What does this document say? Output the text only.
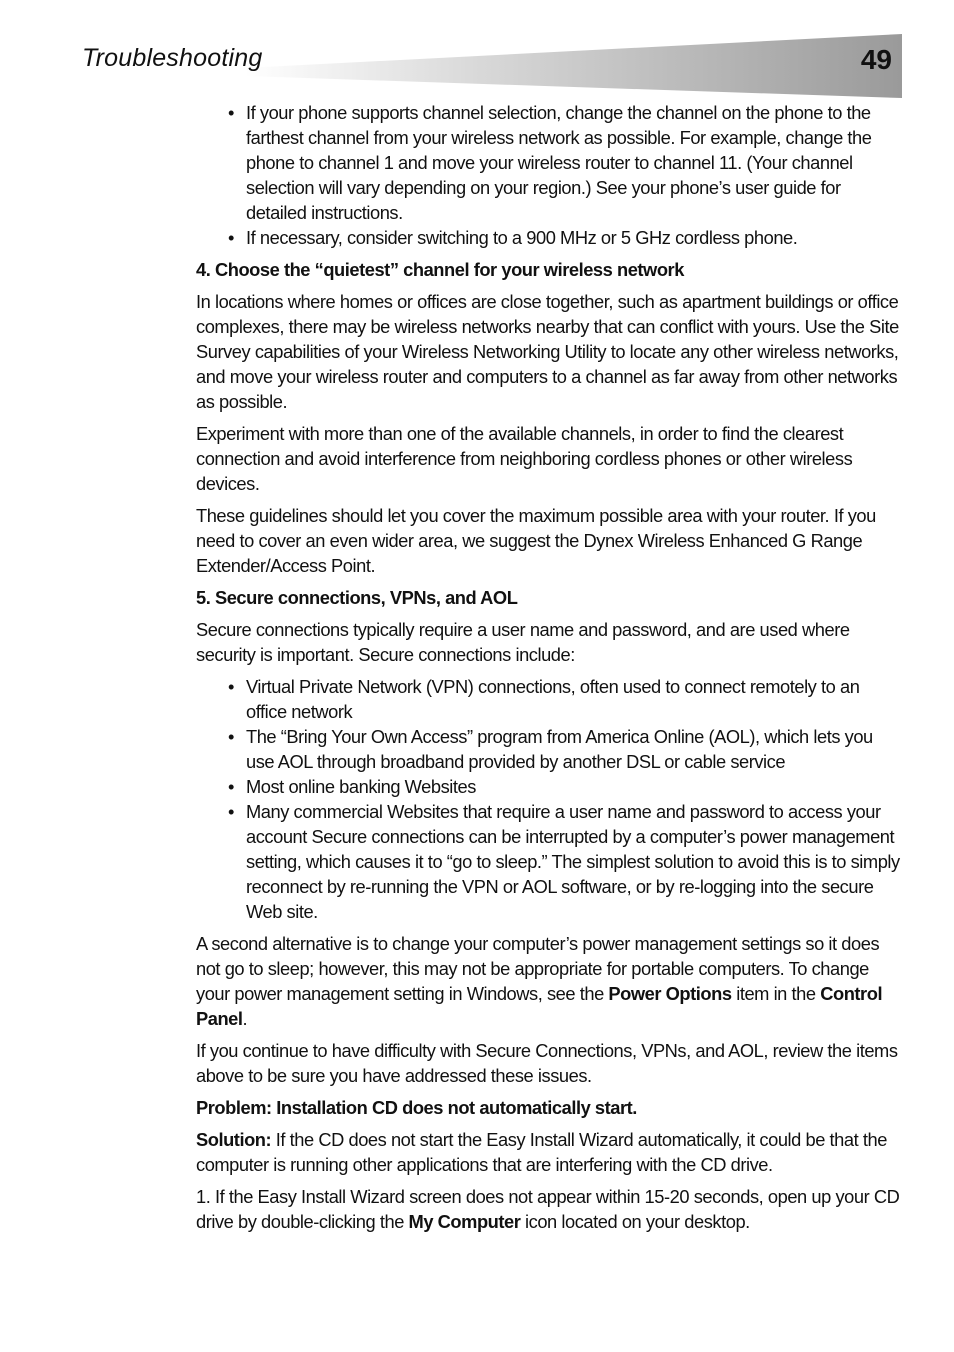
Troubleshooting	49
• If your phone supports channel selection, change the channel on the phone to the farthest channel from your wireless network as possible. For example, change the phone to channel 1 and move your wireless router to channel 11. (Your channel selection will vary depending on your region.) See your phone’s user guide for detailed instructions.
• If necessary, consider switching to a 900 MHz or 5 GHz cordless phone.
4. Choose the “quietest” channel for your wireless network

In locations where homes or offices are close together, such as apartment buildings or office complexes, there may be wireless networks nearby that can conflict with yours. Use the Site Survey capabilities of your Wireless Networking Utility to locate any other wireless networks, and move your wireless router and computers to a channel as far away from other networks as possible.

Experiment with more than one of the available channels, in order to find the clearest connection and avoid interference from neighboring cordless phones or other wireless devices.

These guidelines should let you cover the maximum possible area with your router. If you need to cover an even wider area, we suggest the Dynex Wireless Enhanced G Range Extender/Access Point.

5. Secure connections, VPNs, and AOL

Secure connections typically require a user name and password, and are used where security is important. Secure connections include:

• Virtual Private Network (VPN) connections, often used to connect remotely to an office network
• The “Bring Your Own Access” program from America Online (AOL), which lets you use AOL through broadband provided by another DSL or cable service
• Most online banking Websites
• Many commercial Websites that require a user name and password to access your account Secure connections can be interrupted by a computer’s power management setting, which causes it to “go to sleep.” The simplest solution to avoid this is to simply reconnect by re-running the VPN or AOL software, or by re-logging into the secure Web site.

A second alternative is to change your computer’s power management settings so it does not go to sleep; however, this may not be appropriate for portable computers. To change your power management setting in Windows, see the Power Options item in the Control Panel.

If you continue to have difficulty with Secure Connections, VPNs, and AOL, review the items above to be sure you have addressed these issues.

Problem: Installation CD does not automatically start.

Solution: If the CD does not start the Easy Install Wizard automatically, it could be that the computer is running other applications that are interfering with the CD drive.

1. If the Easy Install Wizard screen does not appear within 15-20 seconds, open up your CD drive by double-clicking the My Computer icon located on your desktop.
